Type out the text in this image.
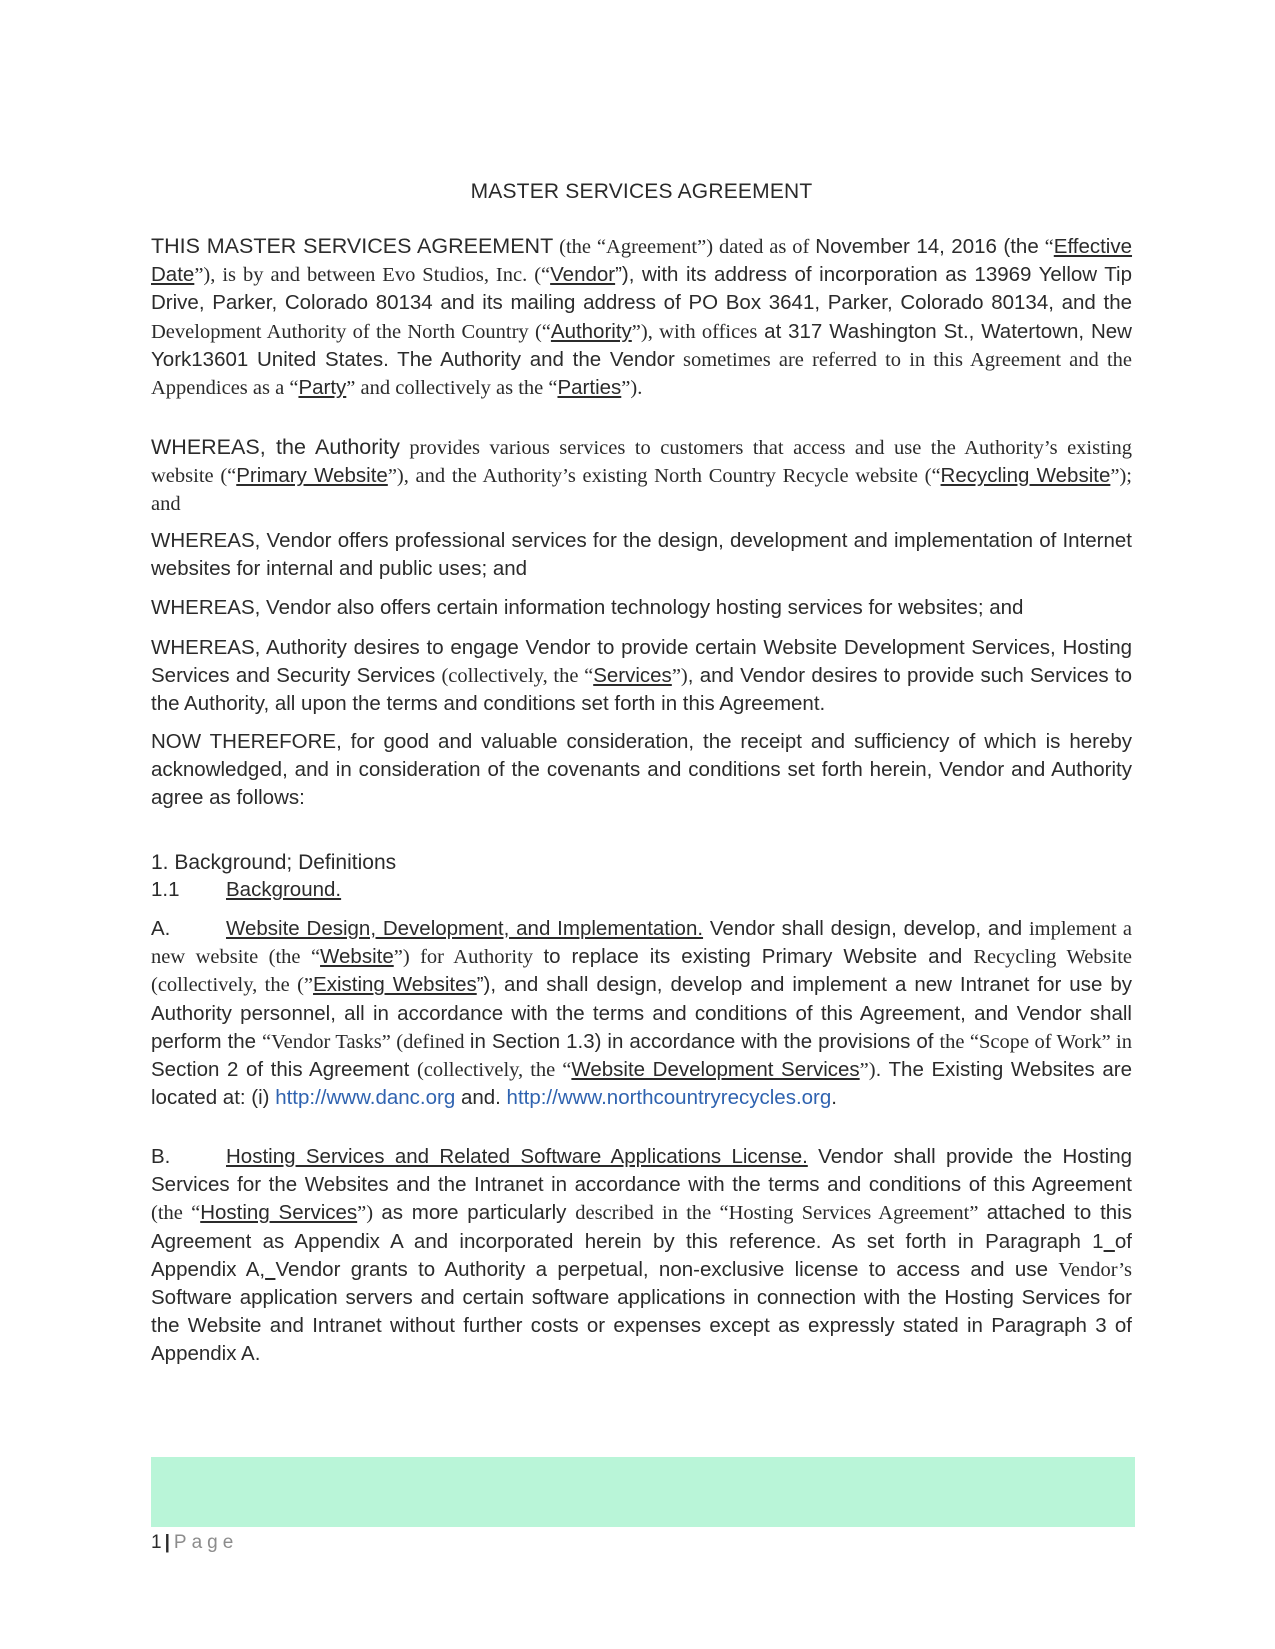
MASTER SERVICES AGREEMENT

THIS MASTER SERVICES AGREEMENT (the “Agreement”) dated as of November 14, 2016 (the “Effective Date”), is by and between Evo Studios, Inc. (“Vendor”), with its address of incorporation as 13969 Yellow Tip Drive, Parker, Colorado 80134 and its mailing address of PO Box 3641, Parker, Colorado 80134, and the Development Authority of the North Country (“Authority”), with offices at 317 Washington St., Watertown, New York13601 United States. The Authority and the Vendor sometimes are referred to in this Agreement and the Appendices as a “Party” and collectively as the “Parties”).

WHEREAS, the Authority provides various services to customers that access and use the Authority’s existing website (“Primary Website”), and the Authority’s existing North Country Recycle website (“Recycling Website”); and

WHEREAS, Vendor offers professional services for the design, development and implementation of Internet websites for internal and public uses; and

WHEREAS, Vendor also offers certain information technology hosting services for websites; and

WHEREAS, Authority desires to engage Vendor to provide certain Website Development Services, Hosting Services and Security Services (collectively, the “Services”), and Vendor desires to provide such Services to the Authority, all upon the terms and conditions set forth in this Agreement.

NOW THEREFORE, for good and valuable consideration, the receipt and sufficiency of which is hereby acknowledged, and in consideration of the covenants and conditions set forth herein, Vendor and Authority agree as follows:

1. Background; Definitions
1.1 Background.

A.	Website Design, Development, and Implementation. Vendor shall design, develop, and implement a new website (the “Website”) for Authority to replace its existing Primary Website and Recycling Website (collectively, the (”Existing Websites”), and shall design, develop and implement a new Intranet for use by Authority personnel, all in accordance with the terms and conditions of this Agreement, and Vendor shall perform the “Vendor Tasks” (defined in Section 1.3) in accordance with the provisions of the “Scope of Work” in Section 2 of this Agreement (collectively, the “Website Development Services”). The Existing Websites are located at: (i) http://www.danc.org and. http://www.northcountryrecycles.org.

B.	Hosting Services and Related Software Applications License. Vendor shall provide the Hosting Services for the Websites and the Intranet in accordance with the terms and conditions of this Agreement (the “Hosting Services”) as more particularly described in the “Hosting Services Agreement” attached to this Agreement as Appendix A and incorporated herein by this reference. As set forth in Paragraph 1 of Appendix A, Vendor grants to Authority a perpetual, non-exclusive license to access and use Vendor’s Software application servers and certain software applications in connection with the Hosting Services for the Website and Intranet without further costs or expenses except as expressly stated in Paragraph 3 of Appendix A.

1 | Page
